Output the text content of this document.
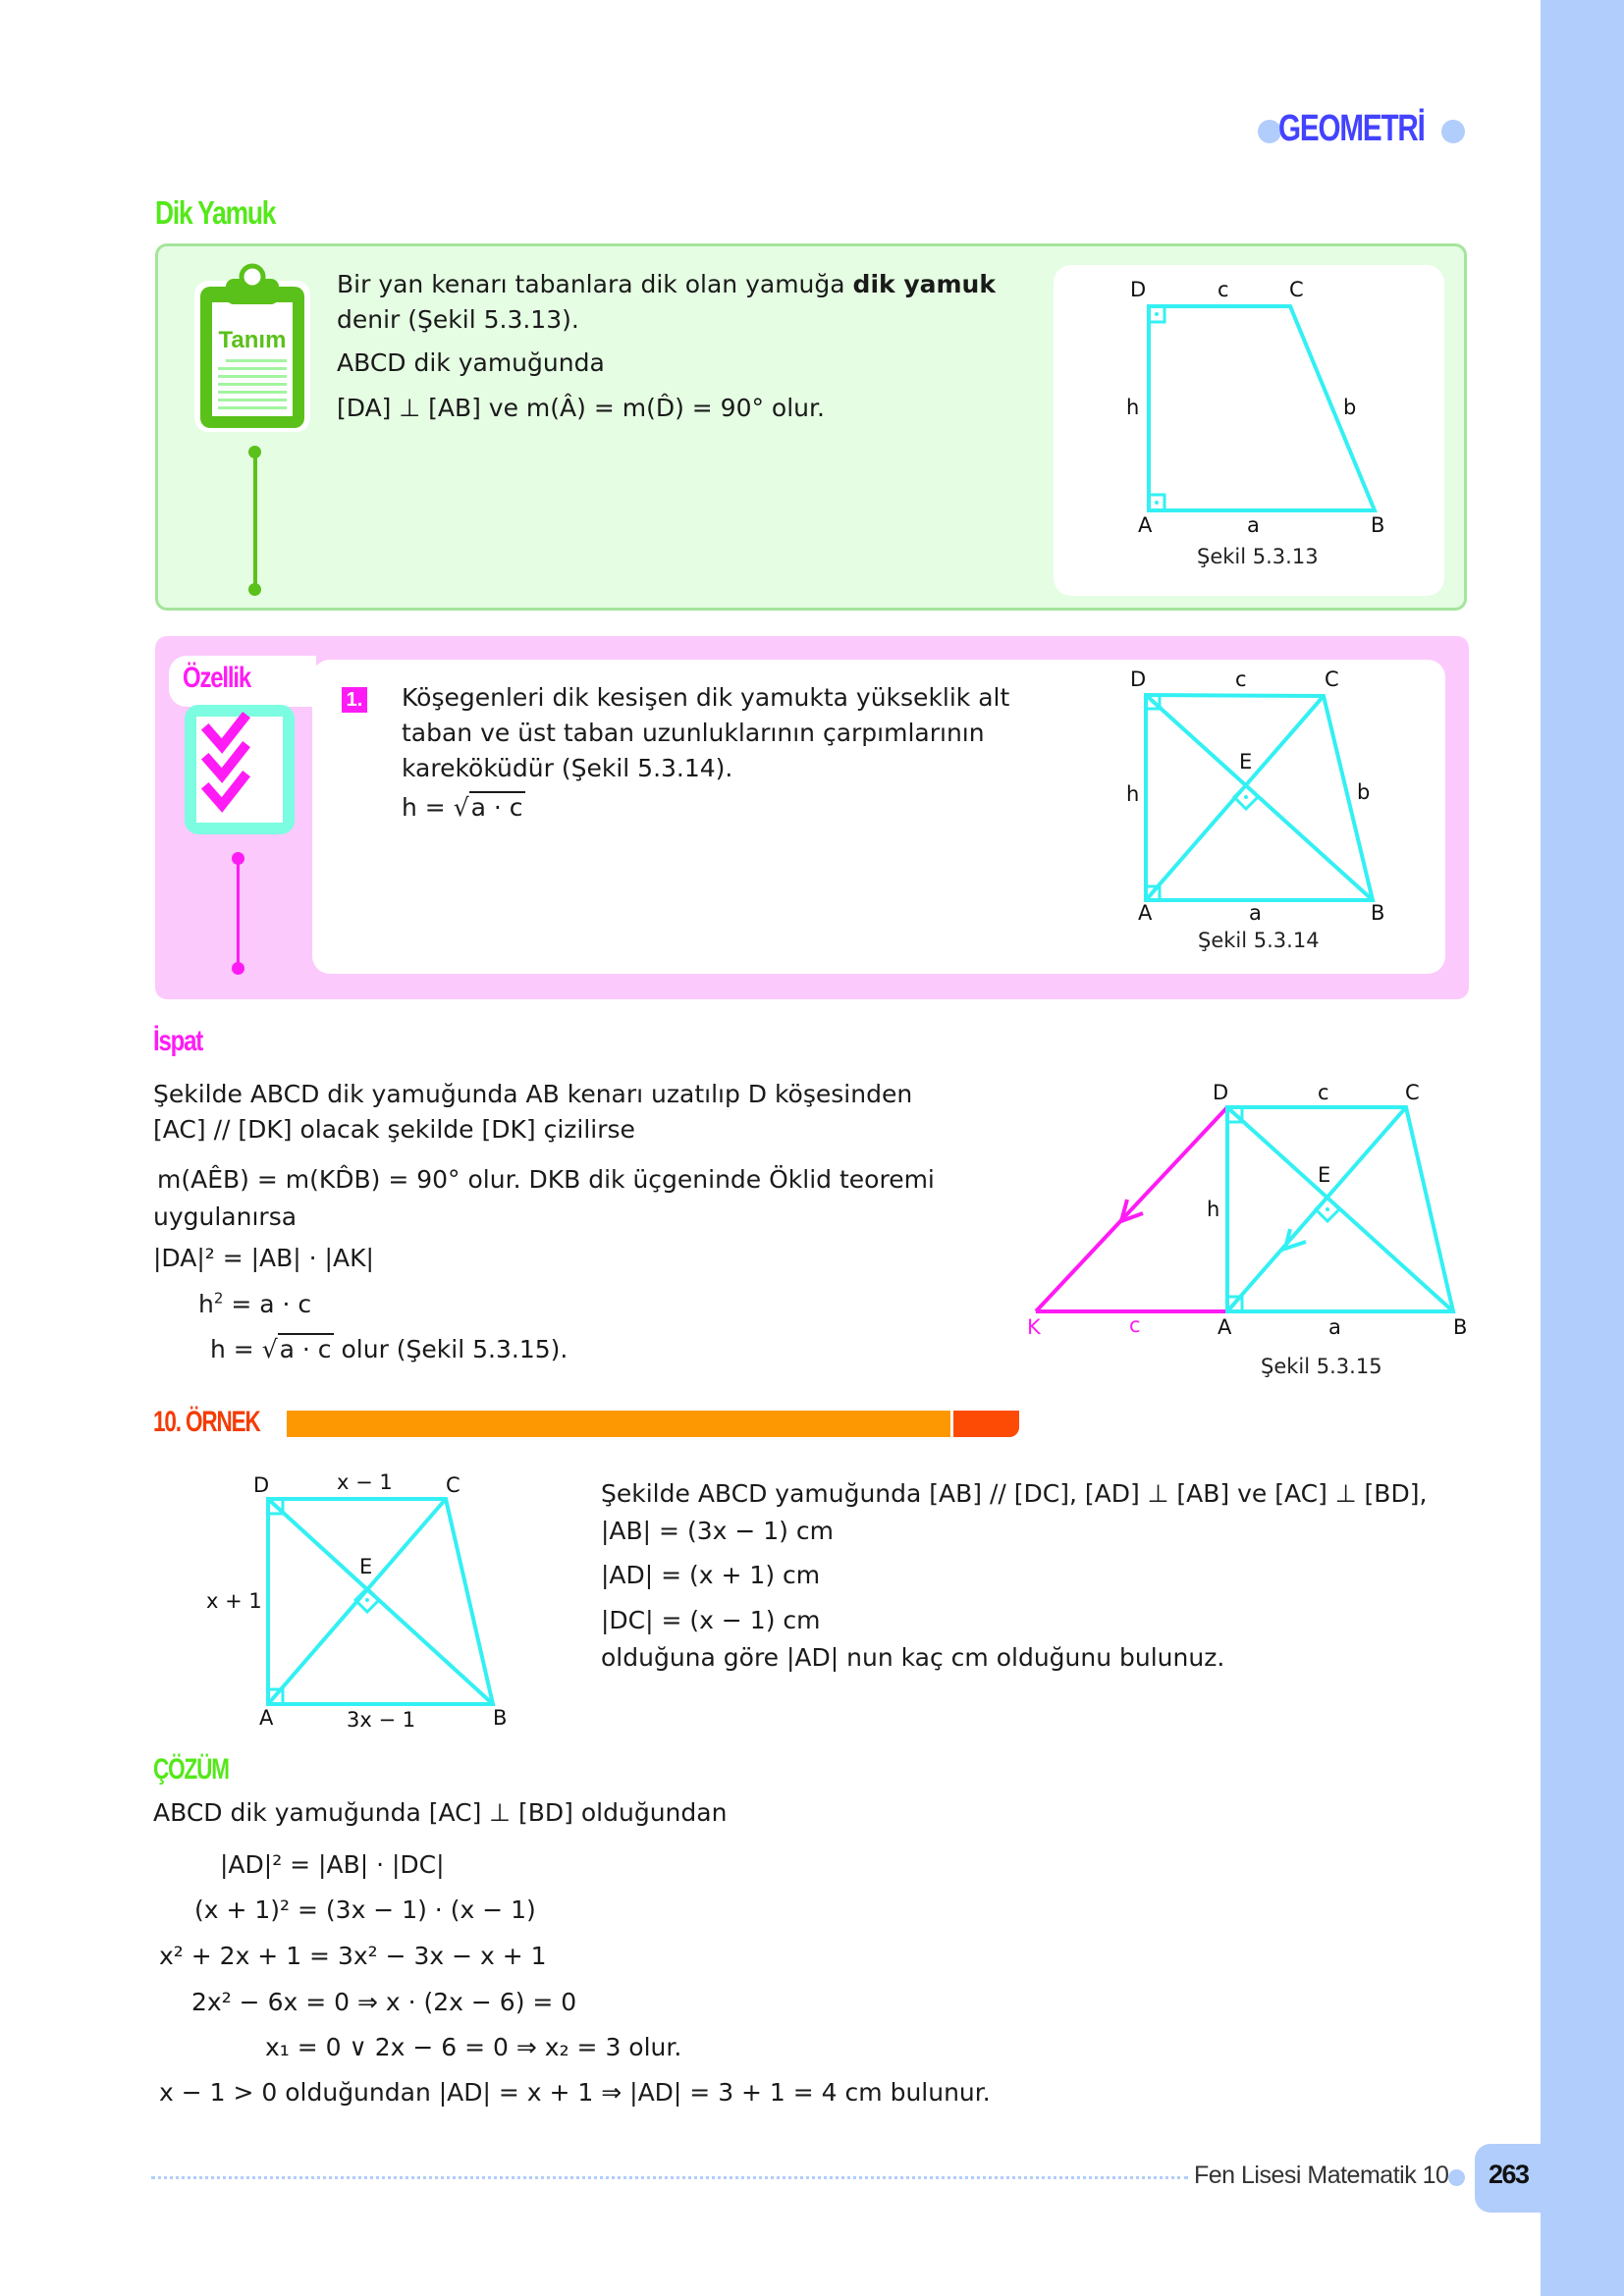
GEOMETRİ
Dik Yamuk
Tanım
Bir yan kenarı tabanlara dik olan yamuğa dik yamuk
denir (Şekil 5.3.13).
ABCD dik yamuğunda
[DA] ⊥ [AB] ve m(Â) = m(D̂) = 90° olur.
D	c	C
h	b
A	a	B
Şekil 5.3.13
Özellik
1. Köşegenleri dik kesişen dik yamukta yükseklik alt
taban ve üst taban uzunluklarının çarpımlarının
kareköküdür (Şekil 5.3.14).
h = √a · c
D	c	C
E
h	b
A	a	B
Şekil 5.3.14
İspat
Şekilde ABCD dik yamuğunda AB kenarı uzatılıp D köşesinden
[AC] ∕∕ [DK] olacak şekilde [DK] çizilirse
m(AÊB) = m(KD̂B) = 90° olur. DKB dik üçgeninde Öklid teoremi
uygulanırsa
|DA|² = |AB| · |AK|
$h^2 = a \cdot c$
h = √a · c olur (Şekil 5.3.15).
D	c	C
E
h
K	c	A	a	B
Şekil 5.3.15
10. ÖRNEK
D	x − 1	C
E
x + 1
A	3x − 1	B
Şekilde ABCD yamuğunda [AB] ∕∕ [DC], [AD] ⊥ [AB] ve [AC] ⊥ [BD],
|AB| = (3x − 1) cm
|AD| = (x + 1) cm
|DC| = (x − 1) cm
olduğuna göre |AD| nun kaç cm olduğunu bulunuz.
ÇÖZÜM
ABCD dik yamuğunda [AC] ⊥ [BD] olduğundan
|AD|² = |AB| · |DC|
(x + 1)² = (3x − 1) · (x − 1)
x² + 2x + 1 = 3x² − 3x − x + 1
2x² − 6x = 0 ⇒ x · (2x − 6) = 0
x₁ = 0 ∨ 2x − 6 = 0 ⇒ x₂ = 3 olur.
x − 1 > 0 olduğundan |AD| = x + 1 ⇒ |AD| = 3 + 1 = 4 cm bulunur.
Fen Lisesi Matematik 10 263
